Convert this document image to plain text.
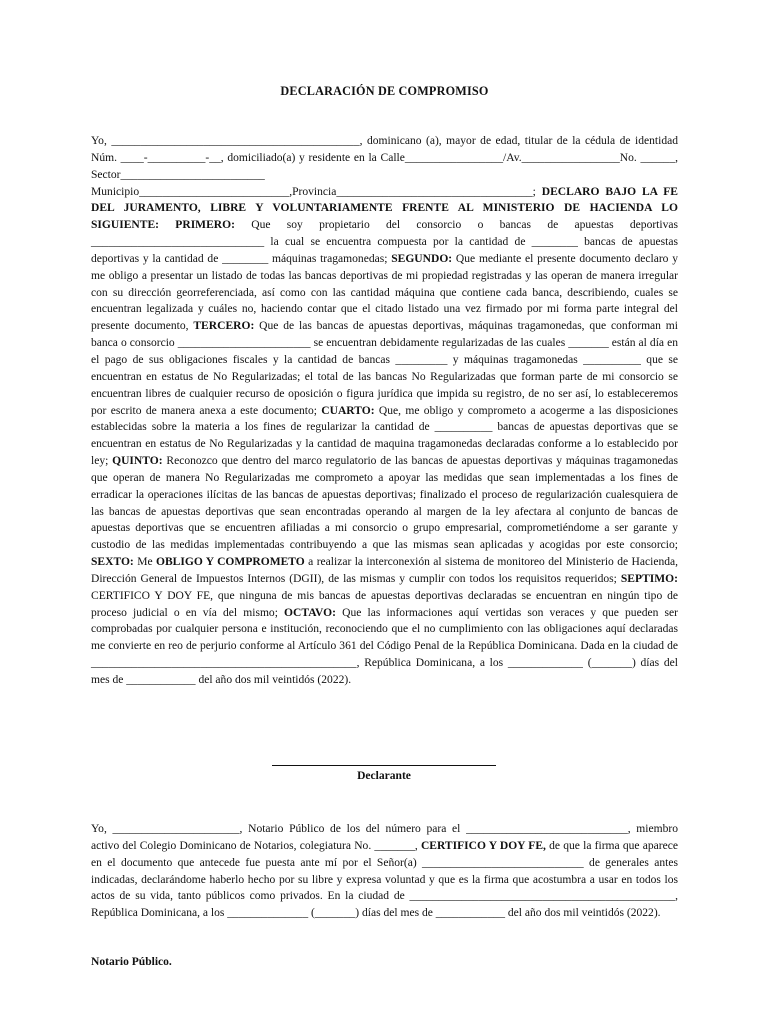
DECLARACIÓN DE COMPROMISO

Yo, ___________________________________________, dominicano (a), mayor de edad, titular de la cédula de identidad Núm. ____-__________-__, domiciliado(a) y residente en la Calle_________________/Av._________________No. ______, Sector_________________________ Municipio__________________________,Provincia__________________________________; DECLARO BAJO LA FE DEL JURAMENTO, LIBRE Y VOLUNTARIAMENTE FRENTE AL MINISTERIO DE HACIENDA LO SIGUIENTE: PRIMERO: Que soy propietario del consorcio o bancas de apuestas deportivas ______________________________ la cual se encuentra compuesta por la cantidad de ________ bancas de apuestas deportivas y la cantidad de ________ máquinas tragamonedas; SEGUNDO: Que mediante el presente documento declaro y me obligo a presentar un listado de todas las bancas deportivas de mi propiedad registradas y las operan de manera irregular con su dirección georreferenciada, así como con las cantidad máquina que contiene cada banca, describiendo, cuales se encuentran legalizada y cuáles no, haciendo contar que el citado listado una vez firmado por mi forma parte integral del presente documento, TERCERO: Que de las bancas de apuestas deportivas, máquinas tragamonedas, que conforman mi banca o consorcio _______________________ se encuentran debidamente regularizadas de las cuales _______ están al día en el pago de sus obligaciones fiscales y la cantidad de bancas _________ y máquinas tragamonedas __________ que se encuentran en estatus de No Regularizadas; el total de las bancas No Regularizadas que forman parte de mi consorcio se encuentran libres de cualquier recurso de oposición o figura jurídica que impida su registro, de no ser así, lo estableceremos por escrito de manera anexa a este documento; CUARTO: Que, me obligo y comprometo a acogerme a las disposiciones establecidas sobre la materia a los fines de regularizar la cantidad de __________ bancas de apuestas deportivas que se encuentran en estatus de No Regularizadas y la cantidad de maquina tragamonedas declaradas conforme a lo establecido por ley; QUINTO: Reconozco que dentro del marco regulatorio de las bancas de apuestas deportivas y máquinas tragamonedas que operan de manera No Regularizadas me comprometo a apoyar las medidas que sean implementadas a los fines de erradicar la operaciones ilícitas de las bancas de apuestas deportivas; finalizado el proceso de regularización cualesquiera de las bancas de apuestas deportivas que sean encontradas operando al margen de la ley afectara al conjunto de bancas de apuestas deportivas que se encuentren afiliadas a mi consorcio o grupo empresarial, comprometiéndome a ser garante y custodio de las medidas implementadas contribuyendo a que las mismas sean aplicadas y acogidas por este consorcio; SEXTO: Me OBLIGO Y COMPROMETO a realizar la interconexión al sistema de monitoreo del Ministerio de Hacienda, Dirección General de Impuestos Internos (DGII), de las mismas y cumplir con todos los requisitos requeridos; SEPTIMO: CERTIFICO Y DOY FE, que ninguna de mis bancas de apuestas deportivas declaradas se encuentran en ningún tipo de proceso judicial o en vía del mismo; OCTAVO: Que las informaciones aquí vertidas son veraces y que pueden ser comprobadas por cualquier persona e institución, reconociendo que el no cumplimiento con las obligaciones aquí declaradas me convierte en reo de perjurio conforme al Artículo 361 del Código Penal de la República Dominicana. Dada en la ciudad de ______________________________________________, República Dominicana, a los _____________ (_______) días del mes de ____________ del año dos mil veintidós (2022).

Declarante

Yo, ______________________, Notario Público de los del número para el ____________________________, miembro activo del Colegio Dominicano de Notarios, colegiatura No. _______, CERTIFICO Y DOY FE, de que la firma que aparece en el documento que antecede fue puesta ante mí por el Señor(a) ____________________________ de generales antes indicadas, declarándome haberlo hecho por su libre y expresa voluntad y que es la firma que acostumbra a usar en todos los actos de su vida, tanto públicos como privados. En la ciudad de ______________________________________________, República Dominicana, a los ______________ (_______) días del mes de ____________ del año dos mil veintidós (2022).

Notario Público.
